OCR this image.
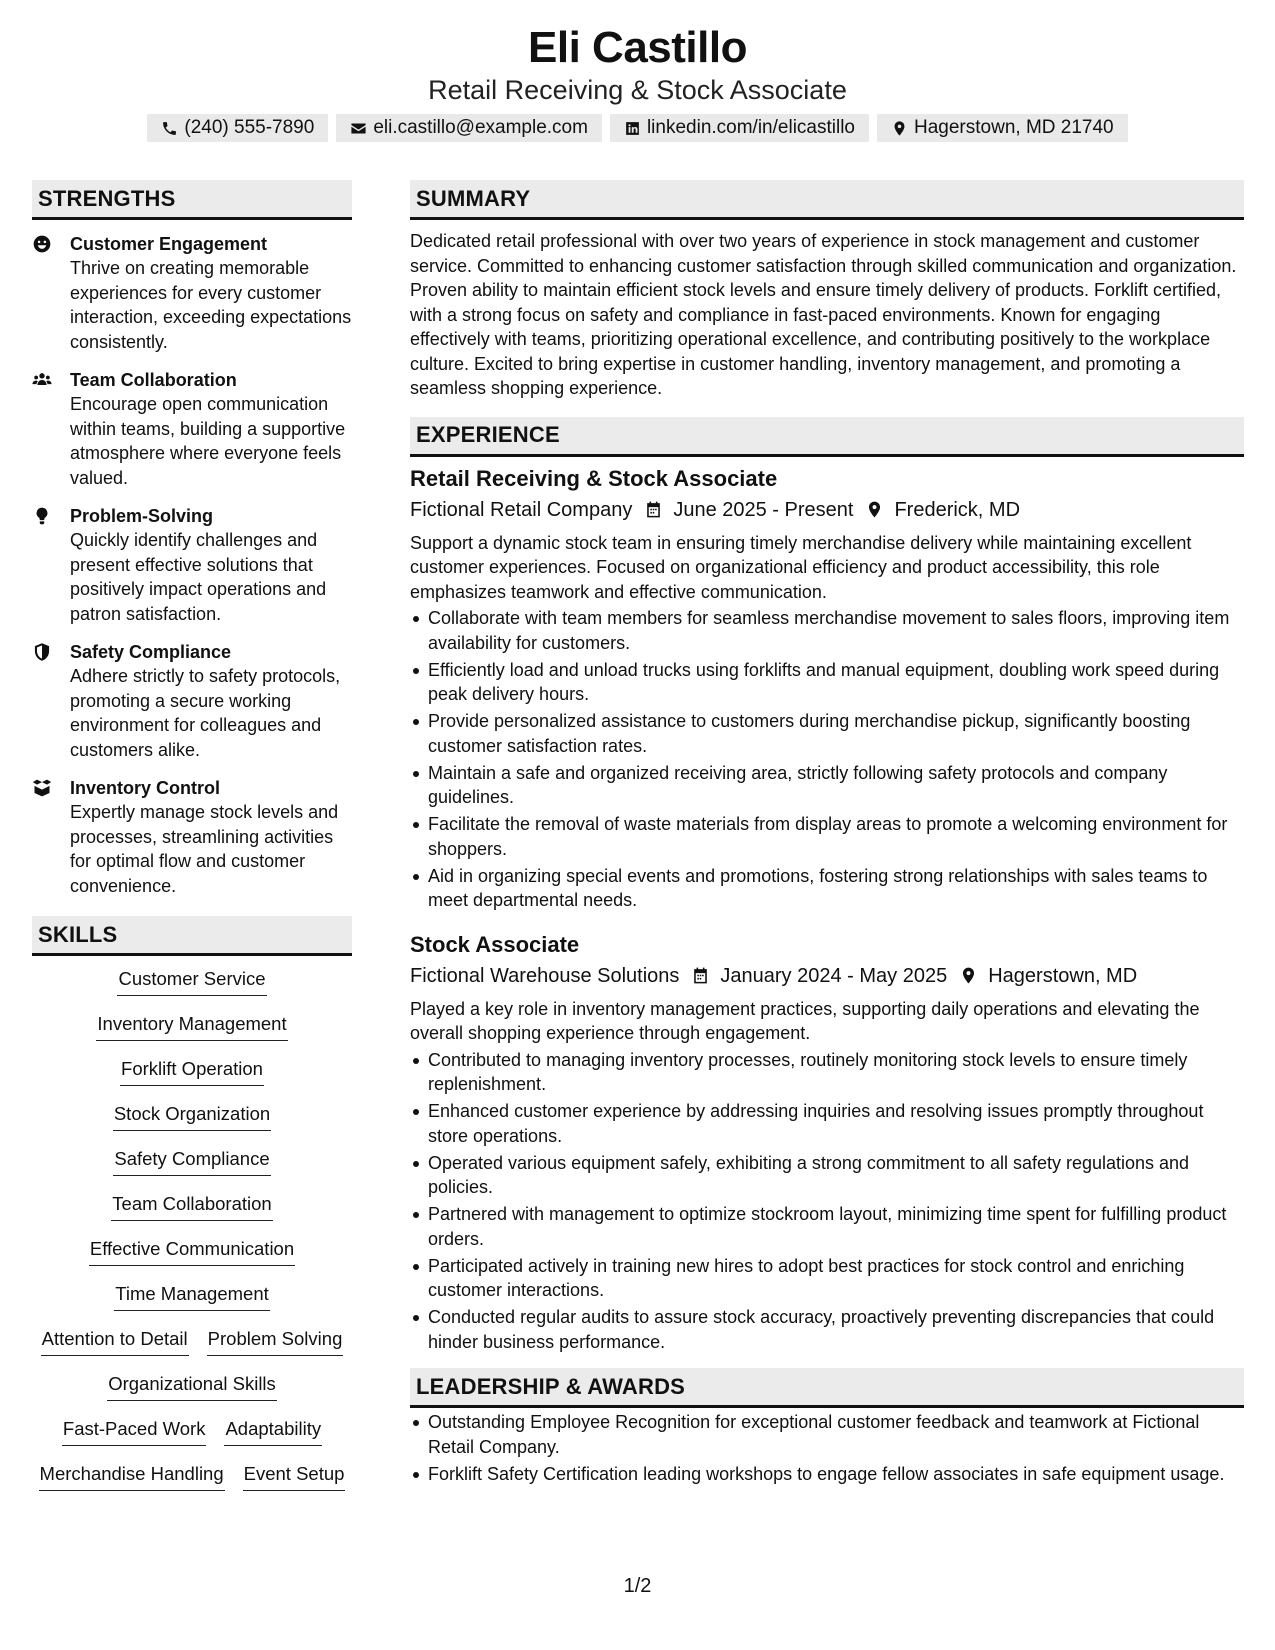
Eli Castillo
Retail Receiving & Stock Associate
(240) 555-7890	eli.castillo@example.com	linkedin.com/in/elicastillo	Hagerstown, MD 21740
STRENGTHS
Customer Engagement
Thrive on creating memorable experiences for every customer interaction, exceeding expectations consistently.
Team Collaboration
Encourage open communication within teams, building a supportive atmosphere where everyone feels valued.
Problem-Solving
Quickly identify challenges and present effective solutions that positively impact operations and patron satisfaction.
Safety Compliance
Adhere strictly to safety protocols, promoting a secure working environment for colleagues and customers alike.
Inventory Control
Expertly manage stock levels and processes, streamlining activities for optimal flow and customer convenience.
SKILLS
Customer Service
Inventory Management
Forklift Operation
Stock Organization
Safety Compliance
Team Collaboration
Effective Communication
Time Management
Attention to Detail Problem Solving
Organizational Skills
Fast-Paced Work Adaptability
Merchandise Handling Event Setup
SUMMARY
Dedicated retail professional with over two years of experience in stock management and customer service. Committed to enhancing customer satisfaction through skilled communication and organization. Proven ability to maintain efficient stock levels and ensure timely delivery of products. Forklift certified, with a strong focus on safety and compliance in fast-paced environments. Known for engaging effectively with teams, prioritizing operational excellence, and contributing positively to the workplace culture. Excited to bring expertise in customer handling, inventory management, and promoting a seamless shopping experience.
EXPERIENCE
Retail Receiving & Stock Associate
Fictional Retail Company June 2025 - Present Frederick, MD
Support a dynamic stock team in ensuring timely merchandise delivery while maintaining excellent customer experiences. Focused on organizational efficiency and product accessibility, this role emphasizes teamwork and effective communication.
Collaborate with team members for seamless merchandise movement to sales floors, improving item availability for customers.
Efficiently load and unload trucks using forklifts and manual equipment, doubling work speed during peak delivery hours.
Provide personalized assistance to customers during merchandise pickup, significantly boosting customer satisfaction rates.
Maintain a safe and organized receiving area, strictly following safety protocols and company guidelines.
Facilitate the removal of waste materials from display areas to promote a welcoming environment for shoppers.
Aid in organizing special events and promotions, fostering strong relationships with sales teams to meet departmental needs.
Stock Associate
Fictional Warehouse Solutions January 2024 - May 2025 Hagerstown, MD
Played a key role in inventory management practices, supporting daily operations and elevating the overall shopping experience through engagement.
Contributed to managing inventory processes, routinely monitoring stock levels to ensure timely replenishment.
Enhanced customer experience by addressing inquiries and resolving issues promptly throughout store operations.
Operated various equipment safely, exhibiting a strong commitment to all safety regulations and policies.
Partnered with management to optimize stockroom layout, minimizing time spent for fulfilling product orders.
Participated actively in training new hires to adopt best practices for stock control and enriching customer interactions.
Conducted regular audits to assure stock accuracy, proactively preventing discrepancies that could hinder business performance.
LEADERSHIP & AWARDS
Outstanding Employee Recognition for exceptional customer feedback and teamwork at Fictional Retail Company.
Forklift Safety Certification leading workshops to engage fellow associates in safe equipment usage.
1/2
